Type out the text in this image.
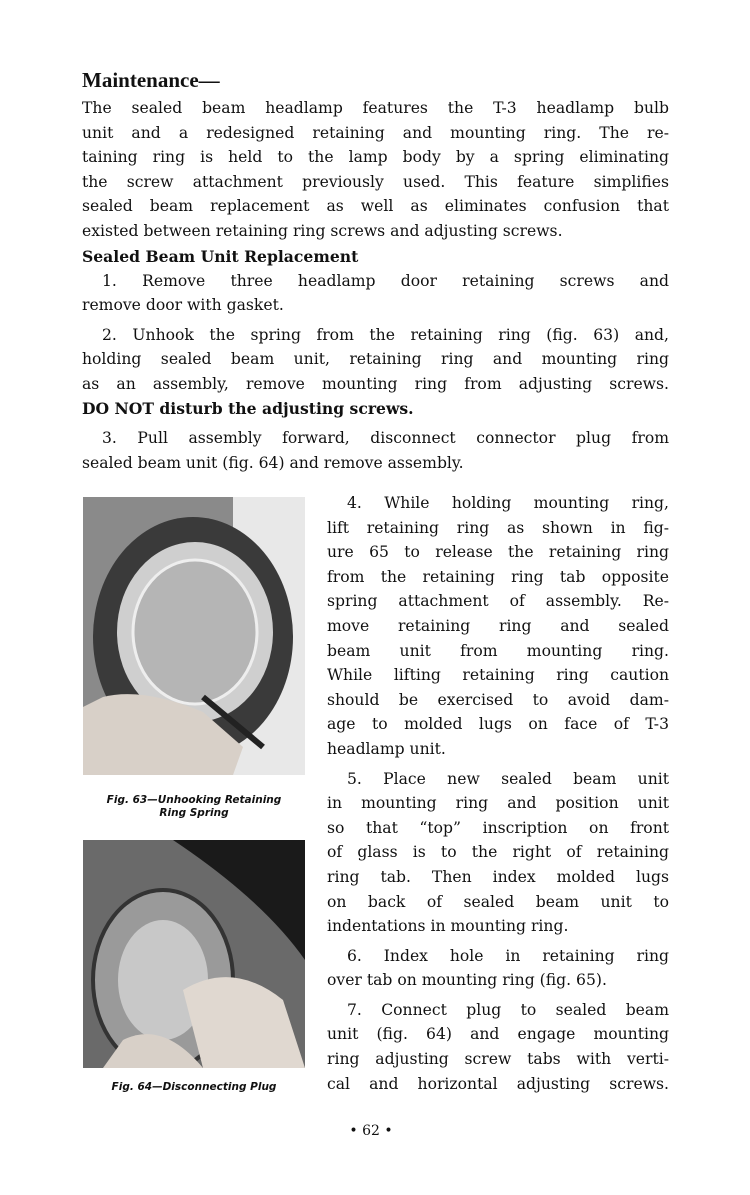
Maintenance—
The sealed beam headlamp features the T-3 headlamp bulb
unit and a redesigned retaining and mounting ring. The re-
taining ring is held to the lamp body by a spring eliminating
the screw attachment previously used. This feature simplifies
sealed beam replacement as well as eliminates confusion that
existed between retaining ring screws and adjusting screws.
Sealed Beam Unit Replacement
1. Remove three headlamp door retaining screws and
remove door with gasket.
2. Unhook the spring from the retaining ring (fig. 63) and,
holding sealed beam unit, retaining ring and mounting ring
as an assembly, remove mounting ring from adjusting screws.
DO NOT disturb the adjusting screws.
3. Pull assembly forward, disconnect connector plug from
sealed beam unit (fig. 64) and remove assembly.
4. While holding mounting ring,
lift retaining ring as shown in fig-
ure 65 to release the retaining ring
from the retaining ring tab opposite
spring attachment of assembly. Re-
move retaining ring and sealed
beam unit from mounting ring.
While lifting retaining ring caution
should be exercised to avoid dam-
age to molded lugs on face of T-3
headlamp unit.
5. Place new sealed beam unit
in mounting ring and position unit
so that “top” inscription on front
of glass is to the right of retaining
ring tab. Then index molded lugs
on back of sealed beam unit to
indentations in mounting ring.
6. Index hole in retaining ring
over tab on mounting ring (fig. 65).
7. Connect plug to sealed beam
unit (fig. 64) and engage mounting
ring adjusting screw tabs with verti-
cal and horizontal adjusting screws.
Fig. 63—Unhooking Retaining
Ring Spring
Fig. 64—Disconnecting Plug
• 62 •
